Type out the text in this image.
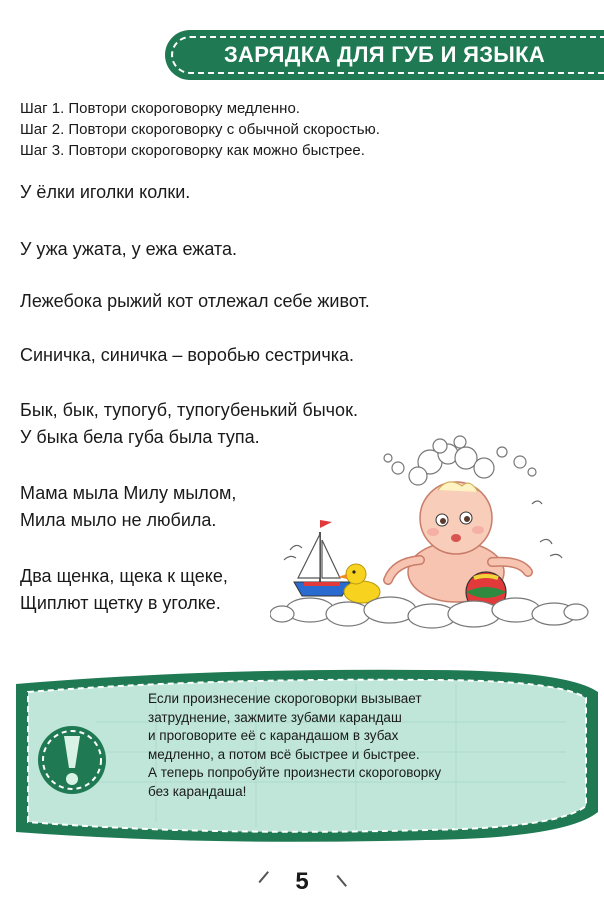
ЗАРЯДКА ДЛЯ ГУБ И ЯЗЫКА
Шаг 1. Повтори скороговорку медленно.
Шаг 2. Повтори скороговорку с обычной скоростью.
Шаг 3. Повтори скороговорку как можно быстрее.
У ёлки иголки колки.
У ужа ужата, у ежа ежата.
Лежебока рыжий кот отлежал себе живот.
Синичка, синичка – воробью сестричка.
Бык, бык, тупогуб, тупогубенький бычок.
У быка бела губа была тупа.
Мама мыла Милу мылом,
Мила мыло не любила.
Два щенка, щека к щеке,
Щиплют щетку в уголке.
Если произнесение скороговорки вызывает
затруднение, зажмите зубами карандаш
и проговорите её с карандашом в зубах
медленно, а потом всё быстрее и быстрее.
А теперь попробуйте произнести скороговорку
без карандаша!
5
